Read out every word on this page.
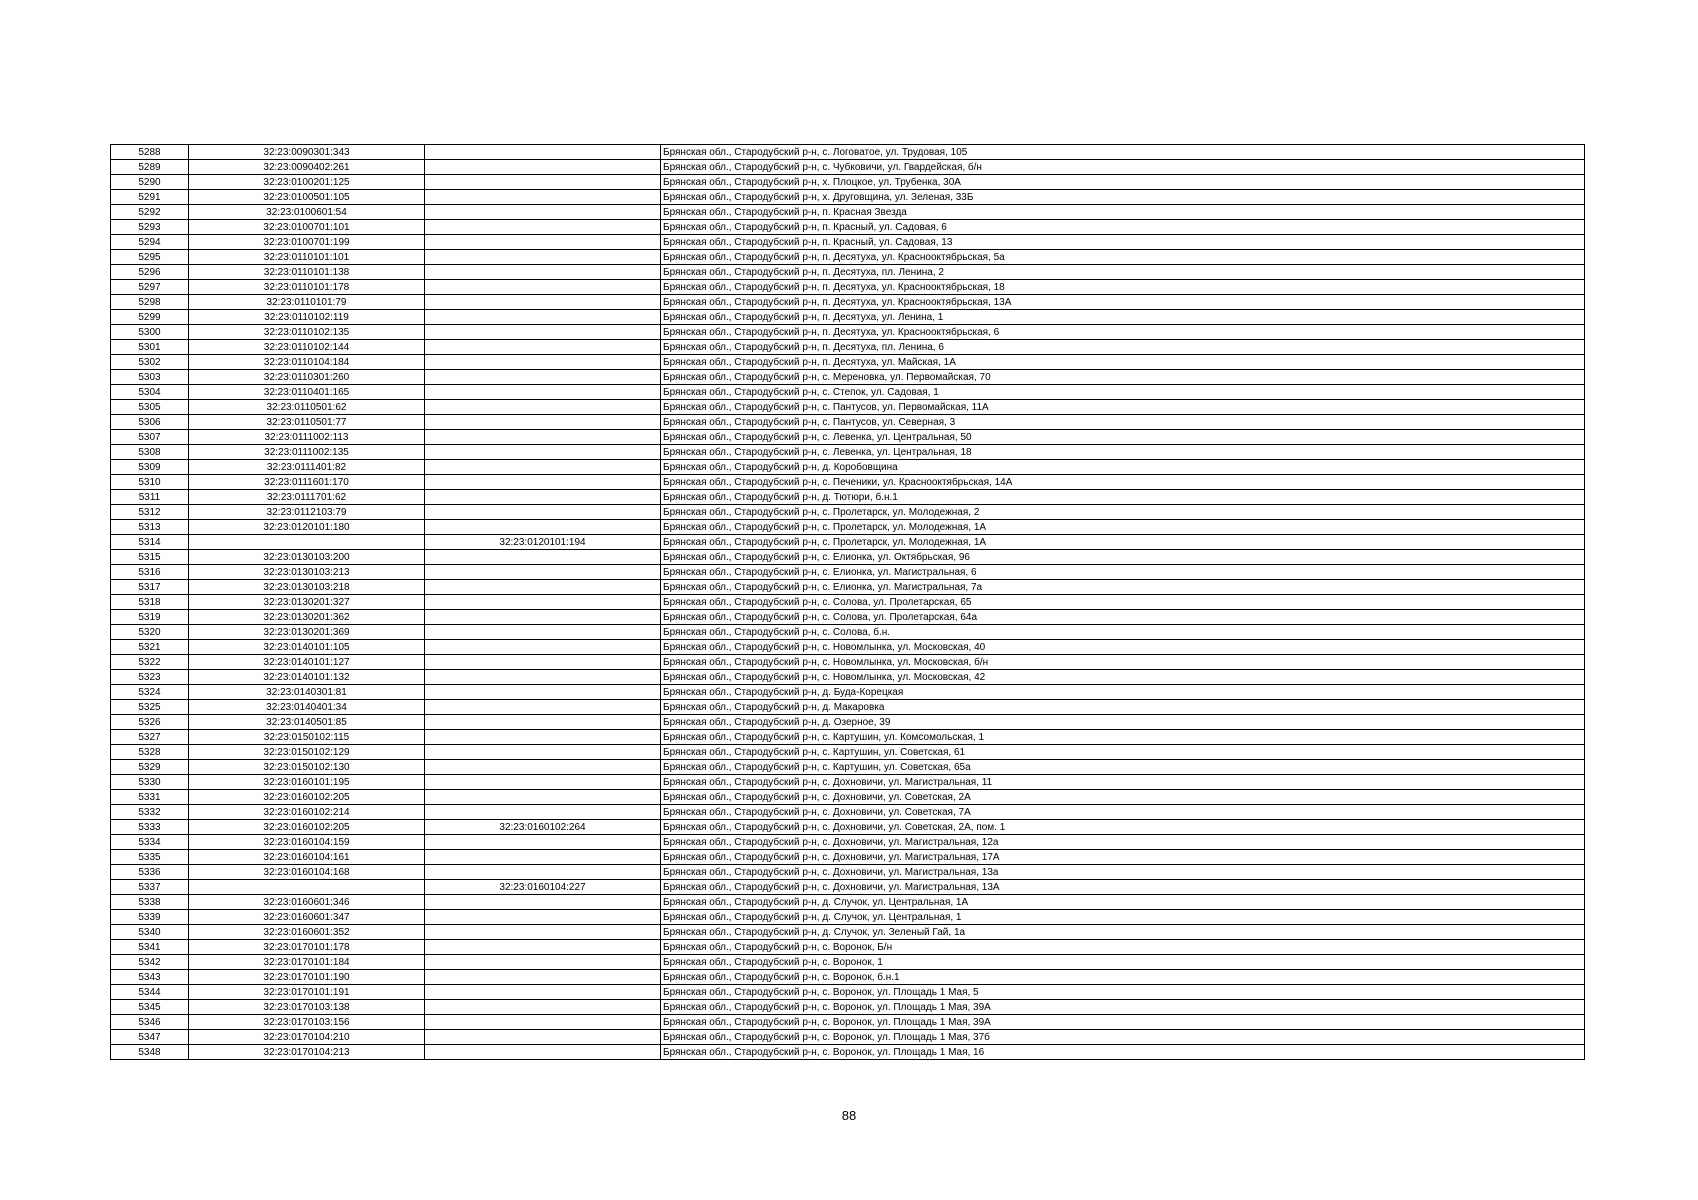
5288	32:23:0090301:343		Брянская обл., Стародубский р-н, с. Логоватое, ул. Трудовая, 105
5289	32:23:0090402:261		Брянская обл., Стародубский р-н, с. Чубковичи, ул. Гвардейская, б/н
5290	32:23:0100201:125		Брянская обл., Стародубский р-н, х. Плоцкое, ул. Трубенка, 30А
5291	32:23:0100501:105		Брянская обл., Стародубский р-н, х. Друговщина, ул. Зеленая, 33Б
5292	32:23:0100601:54		Брянская обл., Стародубский р-н, п. Красная Звезда
5293	32:23:0100701:101		Брянская обл., Стародубский р-н, п. Красный, ул. Садовая, 6
5294	32:23:0100701:199		Брянская обл., Стародубский р-н, п. Красный, ул. Садовая, 13
5295	32:23:0110101:101		Брянская обл., Стародубский р-н, п. Десятуха, ул. Краснооктябрьская, 5а
5296	32:23:0110101:138		Брянская обл., Стародубский р-н, п. Десятуха, пл. Ленина, 2
5297	32:23:0110101:178		Брянская обл., Стародубский р-н, п. Десятуха, ул. Краснооктябрьская, 18
5298	32:23:0110101:79		Брянская обл., Стародубский р-н, п. Десятуха, ул. Краснооктябрьская, 13А
5299	32:23:0110102:119		Брянская обл., Стародубский р-н, п. Десятуха, ул. Ленина, 1
5300	32:23:0110102:135		Брянская обл., Стародубский р-н, п. Десятуха, ул. Краснооктябрьская, 6
5301	32:23:0110102:144		Брянская обл., Стародубский р-н, п. Десятуха, пл. Ленина, 6
5302	32:23:0110104:184		Брянская обл., Стародубский р-н, п. Десятуха, ул. Майская, 1А
5303	32:23:0110301:260		Брянская обл., Стародубский р-н, с. Мереновка, ул. Первомайская, 70
5304	32:23:0110401:165		Брянская обл., Стародубский р-н, с. Степок, ул. Садовая, 1
5305	32:23:0110501:62		Брянская обл., Стародубский р-н, с. Пантусов, ул. Первомайская, 11А
5306	32:23:0110501:77		Брянская обл., Стародубский р-н, с. Пантусов, ул. Северная, 3
5307	32:23:0111002:113		Брянская обл., Стародубский р-н, с. Левенка, ул. Центральная, 50
5308	32:23:0111002:135		Брянская обл., Стародубский р-н, с. Левенка, ул. Центральная, 18
5309	32:23:0111401:82		Брянская обл., Стародубский р-н, д. Коробовщина
5310	32:23:0111601:170		Брянская обл., Стародубский р-н, с. Печеники, ул. Краснооктябрьская, 14А
5311	32:23:0111701:62		Брянская обл., Стародубский р-н, д. Тютюри, б.н.1
5312	32:23:0112103:79		Брянская обл., Стародубский р-н, с. Пролетарск, ул. Молодежная, 2
5313	32:23:0120101:180		Брянская обл., Стародубский р-н, с. Пролетарск, ул. Молодежная, 1А
5314		32:23:0120101:194	Брянская обл., Стародубский р-н, с. Пролетарск, ул. Молодежная, 1А
5315	32:23:0130103:200		Брянская обл., Стародубский р-н, с. Елионка, ул. Октябрьская, 96
5316	32:23:0130103:213		Брянская обл., Стародубский р-н, с. Елионка, ул. Магистральная, 6
5317	32:23:0130103:218		Брянская обл., Стародубский р-н, с. Елионка, ул. Магистральная, 7а
5318	32:23:0130201:327		Брянская обл., Стародубский р-н, с. Солова, ул. Пролетарская, 65
5319	32:23:0130201:362		Брянская обл., Стародубский р-н, с. Солова, ул. Пролетарская, 64а
5320	32:23:0130201:369		Брянская обл., Стародубский р-н, с. Солова, б.н.
5321	32:23:0140101:105		Брянская обл., Стародубский р-н, с. Новомлынка, ул. Московская, 40
5322	32:23:0140101:127		Брянская обл., Стародубский р-н, с. Новомлынка, ул. Московская, б/н
5323	32:23:0140101:132		Брянская обл., Стародубский р-н, с. Новомлынка, ул. Московская, 42
5324	32:23:0140301:81		Брянская обл., Стародубский р-н, д. Буда-Корецкая
5325	32:23:0140401:34		Брянская обл., Стародубский р-н, д. Макаровка
5326	32:23:0140501:85		Брянская обл., Стародубский р-н, д. Озерное, 39
5327	32:23:0150102:115		Брянская обл., Стародубский р-н, с. Картушин, ул. Комсомольская, 1
5328	32:23:0150102:129		Брянская обл., Стародубский р-н, с. Картушин, ул. Советская, 61
5329	32:23:0150102:130		Брянская обл., Стародубский р-н, с. Картушин, ул. Советская, 65а
5330	32:23:0160101:195		Брянская обл., Стародубский р-н, с. Дохновичи, ул. Магистральная, 11
5331	32:23:0160102:205		Брянская обл., Стародубский р-н, с. Дохновичи, ул. Советская, 2А
5332	32:23:0160102:214		Брянская обл., Стародубский р-н, с. Дохновичи, ул. Советская, 7А
5333	32:23:0160102:205	32:23:0160102:264	Брянская обл., Стародубский р-н, с. Дохновичи, ул. Советская, 2А, пом. 1
5334	32:23:0160104:159		Брянская обл., Стародубский р-н, с. Дохновичи, ул. Магистральная, 12а
5335	32:23:0160104:161		Брянская обл., Стародубский р-н, с. Дохновичи, ул. Магистральная, 17А
5336	32:23:0160104:168		Брянская обл., Стародубский р-н, с. Дохновичи, ул. Магистральная, 13а
5337		32:23:0160104:227	Брянская обл., Стародубский р-н, с. Дохновичи, ул. Магистральная, 13А
5338	32:23:0160601:346		Брянская обл., Стародубский р-н, д. Случок, ул. Центральная, 1А
5339	32:23:0160601:347		Брянская обл., Стародубский р-н, д. Случок, ул. Центральная, 1
5340	32:23:0160601:352		Брянская обл., Стародубский р-н, д. Случок, ул. Зеленый Гай, 1а
5341	32:23:0170101:178		Брянская обл., Стародубский р-н, с. Воронок, Б/н
5342	32:23:0170101:184		Брянская обл., Стародубский р-н, с. Воронок, 1
5343	32:23:0170101:190		Брянская обл., Стародубский р-н, с. Воронок, б.н.1
5344	32:23:0170101:191		Брянская обл., Стародубский р-н, с. Воронок, ул. Площадь 1 Мая, 5
5345	32:23:0170103:138		Брянская обл., Стародубский р-н, с. Воронок, ул. Площадь 1 Мая, 39А
5346	32:23:0170103:156		Брянская обл., Стародубский р-н, с. Воронок, ул. Площадь 1 Мая, 39А
5347	32:23:0170104:210		Брянская обл., Стародубский р-н, с. Воронок, ул. Площадь 1 Мая, 37б
5348	32:23:0170104:213		Брянская обл., Стародубский р-н, с. Воронок, ул. Площадь 1 Мая, 16
88
